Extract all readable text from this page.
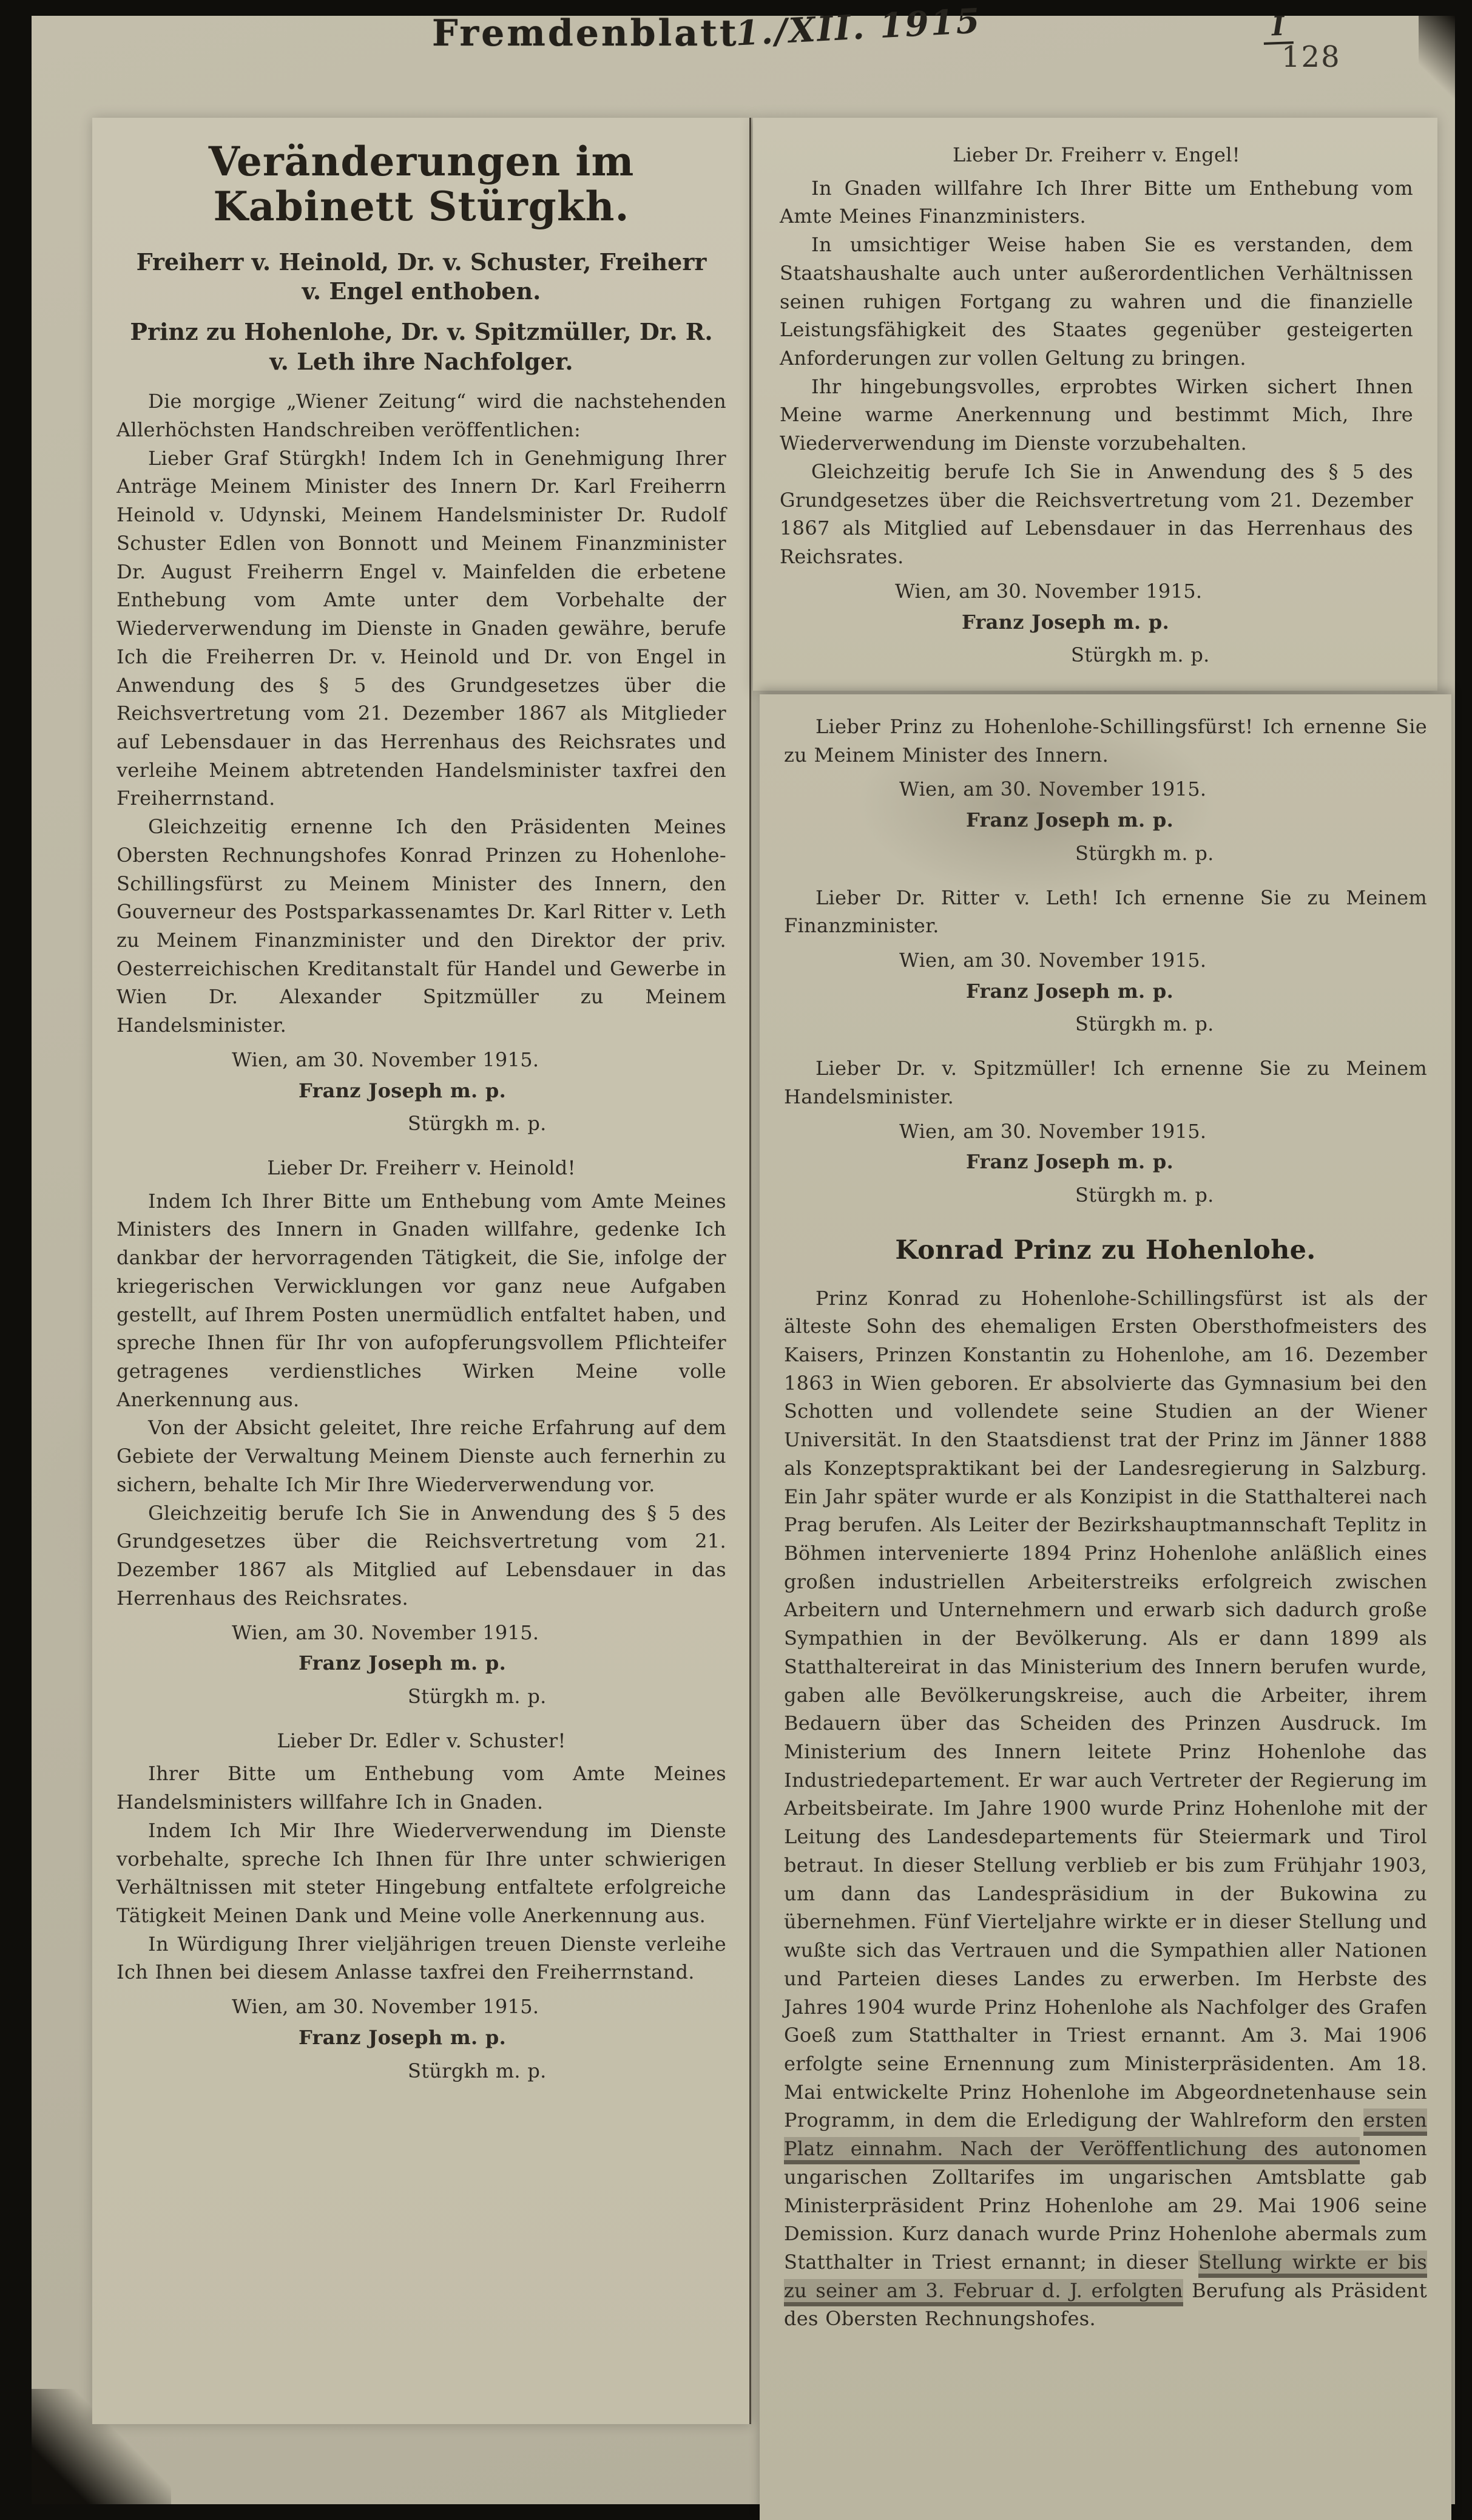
Fremdenblatt
1./XII. 1915	I
128
Veränderungen im Kabinett Stürgkh.
Freiherr v. Heinold, Dr. v. Schuster, Freiherr v. Engel enthoben.
Prinz zu Hohenlohe, Dr. v. Spitzmüller, Dr. R. v. Leth ihre Nachfolger.

Die morgige „Wiener Zeitung“ wird die nachstehenden Allerhöchsten Handschreiben veröffentlichen:

Lieber Graf Stürgkh! Indem Ich in Genehmigung Ihrer Anträge Meinem Minister des Innern Dr. Karl Freiherrn Heinold v. Udynski, Meinem Handelsminister Dr. Rudolf Schuster Edlen von Bonnott und Meinem Finanzminister Dr. August Freiherrn Engel v. Mainfelden die erbetene Enthebung vom Amte unter dem Vorbehalte der Wiederverwendung im Dienste in Gnaden gewähre, berufe Ich die Freiherren Dr. v. Heinold und Dr. von Engel in Anwendung des § 5 des Grundgesetzes über die Reichsvertretung vom 21. Dezember 1867 als Mitglieder auf Lebensdauer in das Herrenhaus des Reichsrates und verleihe Meinem abtretenden Handelsminister taxfrei den Freiherrnstand.

Gleichzeitig ernenne Ich den Präsidenten Meines Obersten Rechnungshofes Konrad Prinzen zu Hohenlohe-Schillingsfürst zu Meinem Minister des Innern, den Gouverneur des Postsparkassenamtes Dr. Karl Ritter v. Leth zu Meinem Finanzminister und den Direktor der priv. Oesterreichischen Kreditanstalt für Handel und Gewerbe in Wien Dr. Alexander Spitzmüller zu Meinem Handelsminister.

Wien, am 30. November 1915.

Franz Joseph m. p.

Stürgkh m. p.

Lieber Dr. Freiherr v. Heinold!

Indem Ich Ihrer Bitte um Enthebung vom Amte Meines Ministers des Innern in Gnaden willfahre, gedenke Ich dankbar der hervorragenden Tätigkeit, die Sie, infolge der kriegerischen Verwicklungen vor ganz neue Aufgaben gestellt, auf Ihrem Posten unermüdlich entfaltet haben, und spreche Ihnen für Ihr von aufopferungsvollem Pflichteifer getragenes verdienstliches Wirken Meine volle Anerkennung aus.

Von der Absicht geleitet, Ihre reiche Erfahrung auf dem Gebiete der Verwaltung Meinem Dienste auch fernerhin zu sichern, behalte Ich Mir Ihre Wiederverwendung vor.

Gleichzeitig berufe Ich Sie in Anwendung des § 5 des Grundgesetzes über die Reichsvertretung vom 21. Dezember 1867 als Mitglied auf Lebensdauer in das Herrenhaus des Reichsrates.

Wien, am 30. November 1915.

Franz Joseph m. p.

Stürgkh m. p.

Lieber Dr. Edler v. Schuster!

Ihrer Bitte um Enthebung vom Amte Meines Handelsministers willfahre Ich in Gnaden.

Indem Ich Mir Ihre Wiederverwendung im Dienste vorbehalte, spreche Ich Ihnen für Ihre unter schwierigen Verhältnissen mit steter Hingebung entfaltete erfolgreiche Tätigkeit Meinen Dank und Meine volle Anerkennung aus.

In Würdigung Ihrer vieljährigen treuen Dienste verleihe Ich Ihnen bei diesem Anlasse taxfrei den Freiherrnstand.

Wien, am 30. November 1915.

Franz Joseph m. p.

Stürgkh m. p.

Lieber Dr. Freiherr v. Engel!

In Gnaden willfahre Ich Ihrer Bitte um Enthebung vom Amte Meines Finanzministers.

In umsichtiger Weise haben Sie es verstanden, dem Staatshaushalte auch unter außerordentlichen Verhältnissen seinen ruhigen Fortgang zu wahren und die finanzielle Leistungsfähigkeit des Staates gegenüber gesteigerten Anforderungen zur vollen Geltung zu bringen.

Ihr hingebungsvolles, erprobtes Wirken sichert Ihnen Meine warme Anerkennung und bestimmt Mich, Ihre Wiederverwendung im Dienste vorzubehalten.

Gleichzeitig berufe Ich Sie in Anwendung des § 5 des Grundgesetzes über die Reichsvertretung vom 21. Dezember 1867 als Mitglied auf Lebensdauer in das Herrenhaus des Reichsrates.

Wien, am 30. November 1915.

Franz Joseph m. p.

Stürgkh m. p.

Lieber Prinz zu Hohenlohe-Schillingsfürst! Ich ernenne Sie zu Meinem Minister des Innern.

Wien, am 30. November 1915.

Franz Joseph m. p.

Stürgkh m. p.

Lieber Dr. Ritter v. Leth! Ich ernenne Sie zu Meinem Finanzminister.

Wien, am 30. November 1915.

Franz Joseph m. p.

Stürgkh m. p.

Lieber Dr. v. Spitzmüller! Ich ernenne Sie zu Meinem Handelsminister.

Wien, am 30. November 1915.

Franz Joseph m. p.

Stürgkh m. p.

Konrad Prinz zu Hohenlohe.

Prinz Konrad zu Hohenlohe-Schillingsfürst ist als der älteste Sohn des ehemaligen Ersten Obersthofmeisters des Kaisers, Prinzen Konstantin zu Hohenlohe, am 16. Dezember 1863 in Wien geboren. Er absolvierte das Gymnasium bei den Schotten und vollendete seine Studien an der Wiener Universität. In den Staatsdienst trat der Prinz im Jänner 1888 als Konzeptspraktikant bei der Landesregierung in Salzburg. Ein Jahr später wurde er als Konzipist in die Statthalterei nach Prag berufen. Als Leiter der Bezirkshauptmannschaft Teplitz in Böhmen intervenierte 1894 Prinz Hohenlohe anläßlich eines großen industriellen Arbeiterstreiks erfolgreich zwischen Arbeitern und Unternehmern und erwarb sich dadurch große Sympathien in der Bevölkerung. Als er dann 1899 als Statthaltereirat in das Ministerium des Innern berufen wurde, gaben alle Bevölkerungskreise, auch die Arbeiter, ihrem Bedauern über das Scheiden des Prinzen Ausdruck. Im Ministerium des Innern leitete Prinz Hohenlohe das Industriedepartement. Er war auch Vertreter der Regierung im Arbeitsbeirate. Im Jahre 1900 wurde Prinz Hohenlohe mit der Leitung des Landesdepartements für Steiermark und Tirol betraut. In dieser Stellung verblieb er bis zum Frühjahr 1903, um dann das Landespräsidium in der Bukowina zu übernehmen. Fünf Vierteljahre wirkte er in dieser Stellung und wußte sich das Vertrauen und die Sympathien aller Nationen und Parteien dieses Landes zu erwerben. Im Herbste des Jahres 1904 wurde Prinz Hohenlohe als Nachfolger des Grafen Goeß zum Statthalter in Triest ernannt. Am 3. Mai 1906 erfolgte seine Ernennung zum Ministerpräsidenten. Am 18. Mai entwickelte Prinz Hohenlohe im Abgeordnetenhause sein Programm, in dem die Erledigung der Wahlreform den ersten Platz einnahm. Nach der Veröffentlichung des autonomen ungarischen Zolltarifes im ungarischen Amtsblatte gab Ministerpräsident Prinz Hohenlohe am 29. Mai 1906 seine Demission. Kurz danach wurde Prinz Hohenlohe abermals zum Statthalter in Triest ernannt; in dieser Stellung wirkte er bis zu seiner am 3. Februar d. J. erfolgten Berufung als Präsident des Obersten Rechnungshofes.
